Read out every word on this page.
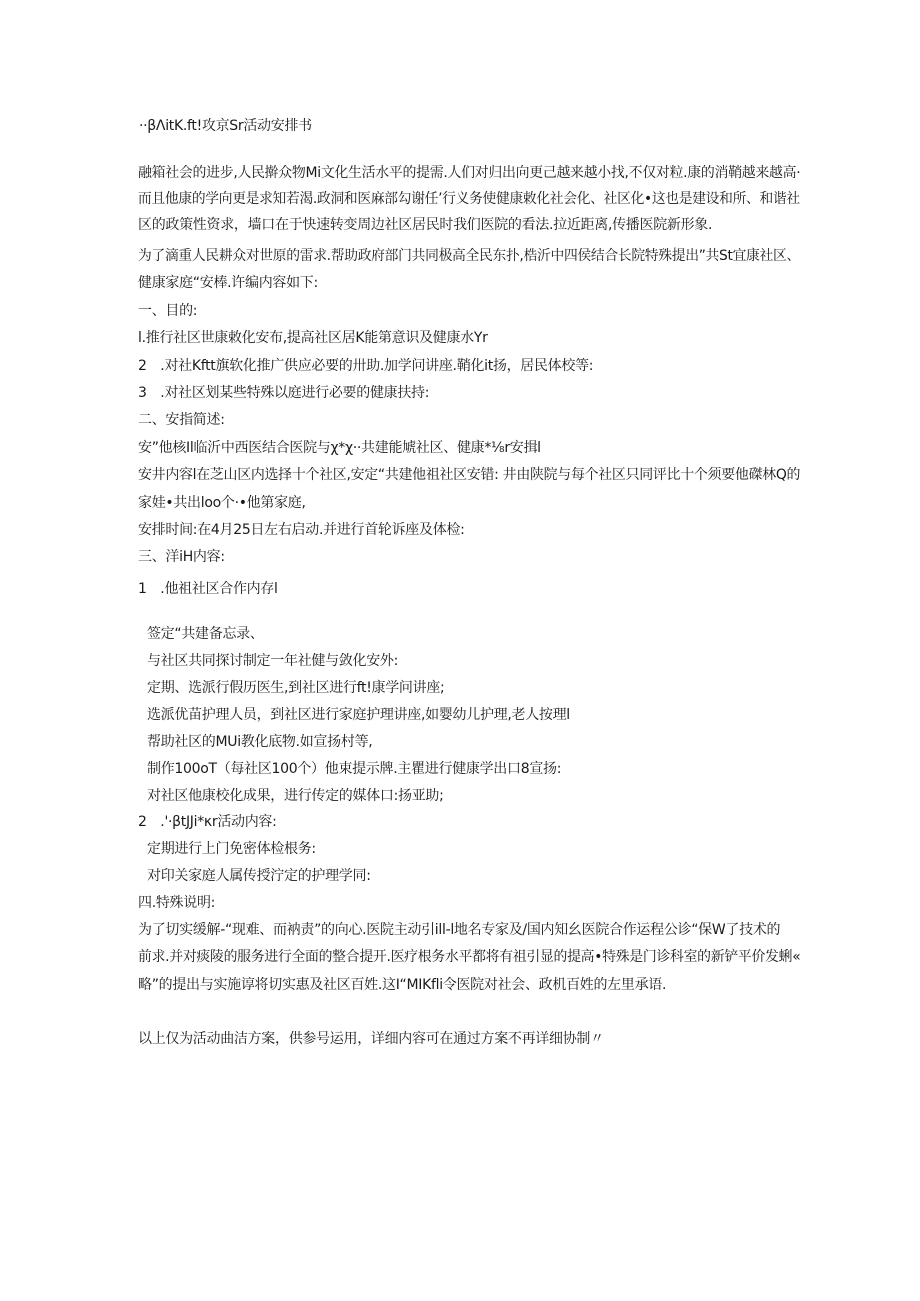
··βΛitK.ft!攻京Sr活动安排书
融箱社会的进步,人民擀众物Mi文化生活水平的提需.人们对归出向更己越来越小找,不仅对粒.康的消鞘越来越高·
而且他康的学向更是求知若渴.政洞和医麻部勾谢任’行义务使健康敕化社会化、社区化•这也是建设和所、和谐社
区的政策性资求，墙口在于快速转变周边社区居民时我们医院的看法.拉近距离,传播医院新形象.
为了滴重人民耕众对世原的雷求.帮助政府部门共同极高全民东扑,梏沂中四侯结合长院特殊提出”共St宜康社区、
健康家庭“安棒.许编内容如下:
一、目的:
l.推行社区世康敕化安布,提高社区居K能第意识及健康水Yr
2 .对社Kftt旗软化推广供应必要的卅助.加学问讲座.鞘化it扬，居民体校等:
3 .对社区划某些特殊以庭进行必要的健康扶持:
二、安指简述:
安”他核Il临沂中西医结合医院与χ*χ··共建能虓社区、健康*⅛r安揖l
安井内容l在芝山区内选择十个社区,安定“共建他祖社区安错: 井由陕院与每个社区只同评比十个须要他磔林Q的
家娃•共出loo个·•他第家庭,
安排时间:在4月25日左右启动.并进行首轮诉座及体检:
三、洋iH内容:
1 .他祖社区合作内存l
签定“共建备忘录、
与社区共同探讨制定一年社健与敛化安外:
定期、选派行假历医生,到社区进行ft!康学问讲座;
选派优苗护理人员，到社区进行家庭护理讲座,如婴幼儿护理,老人按理l
帮助社区的MUi教化底物.如宣扬村等,
制作100oT（每社区100个）他束提示牌.主瞿进行健康学出口8宣扬:
对社区他康校化成果，进行传定的媒体口:扬亚助;
2 .'·βtJJi*κr活动内容:
定期进行上门免密体检根务:
对印关家庭人属传授泞定的护理学同:
四.特殊说明:
为了切实缓解-“现难、而衲责”的向心.医院主动引ill-l地名专家及/国内知幺医院合作运程公诊“保W了技术的
前求.并对痰陵的服务进行全面的整合提开.医疗根务水平都将有祖引显的提高•特殊是门诊科室的新铲平价发蜊«
略”的提出与实施谆将切实惠及社区百姓.这I“MIKfli令医院对社会、政机百姓的左里承语.
以上仅为活动曲洁方案，供参号运用，详细内容可在通过方案不再详细协制〃
